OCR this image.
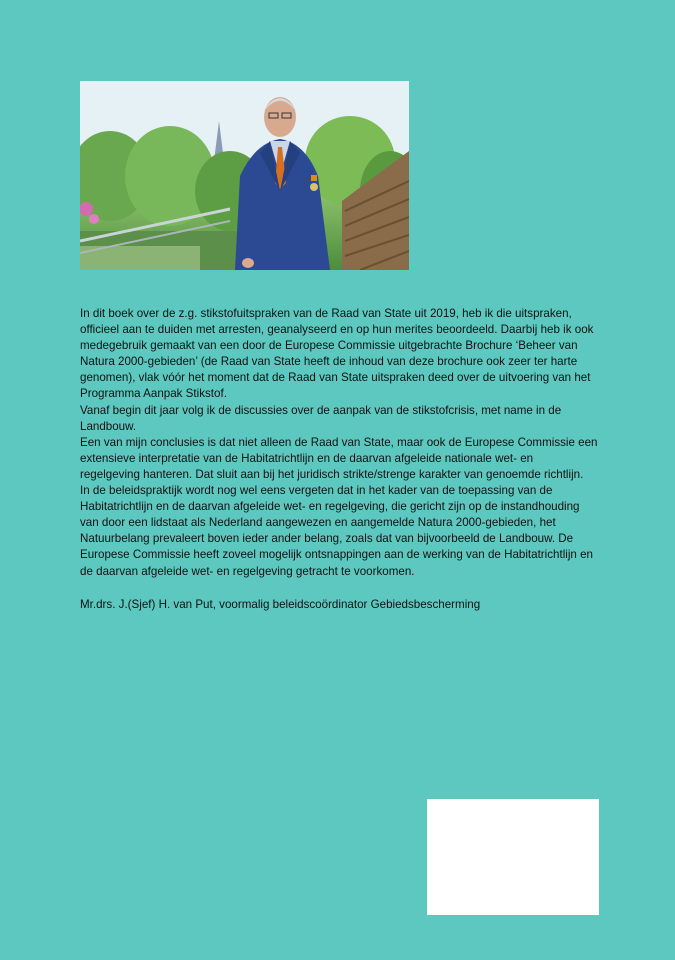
In dit boek over de z.g. stikstofuitspraken van de Raad van State uit 2019, heb ik die uitspraken,
officieel aan te duiden met arresten, geanalyseerd en op hun merites beoordeeld. Daarbij heb ik ook
medegebruik gemaakt van een door de Europese Commissie uitgebrachte Brochure ‘Beheer van
Natura 2000-gebieden’ (de Raad van State heeft de inhoud van deze brochure ook zeer ter harte
genomen), vlak vóór het moment dat de Raad van State uitspraken deed over de uitvoering van het
Programma Aanpak Stikstof.
Vanaf begin dit jaar volg ik de discussies over de aanpak van de stikstofcrisis, met name in de
Landbouw.
Een van mijn conclusies is dat niet alleen de Raad van State, maar ook de Europese Commissie een
extensieve interpretatie van de Habitatrichtlijn en de daarvan afgeleide nationale wet- en
regelgeving hanteren. Dat sluit aan bij het juridisch strikte/strenge karakter van genoemde richtlijn.
In de beleidspraktijk wordt nog wel eens vergeten dat in het kader van de toepassing van de
Habitatrichtlijn en de daarvan afgeleide wet- en regelgeving, die gericht zijn op de instandhouding
van door een lidstaat als Nederland aangewezen en aangemelde Natura 2000-gebieden, het
Natuurbelang prevaleert boven ieder ander belang, zoals dat van bijvoorbeeld de Landbouw. De
Europese Commissie heeft zoveel mogelijk ontsnappingen aan de werking van de Habitatrichtlijn en
de daarvan afgeleide wet- en regelgeving getracht te voorkomen.
Mr.drs. J.(Sjef) H. van Put, voormalig beleidscoördinator Gebiedsbescherming
